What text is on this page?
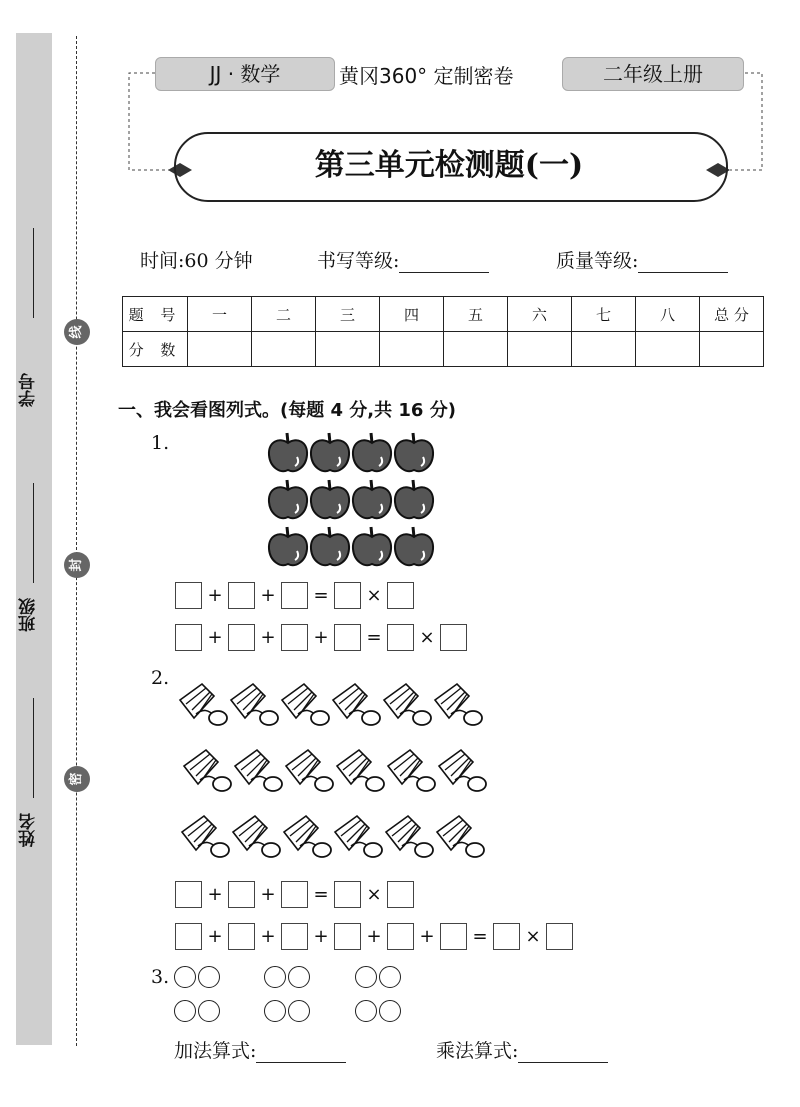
学号
班级
姓名
线
封
密
JJ · 数学	黄冈360° 定制密卷	二年级上册
第三单元检测题(一)
时间:60 分钟	书写等级:	质量等级:
题 号	一	二	三	四	五	六	七	八	总 分
分 数									
一、我会看图列式。(每题 4 分,共 16 分)
1.
+	+	=	×
+	+	+	=	×
2.
+	+	=	×
+	+	+	+	+	=	×
3.
加法算式:	乘法算式:
